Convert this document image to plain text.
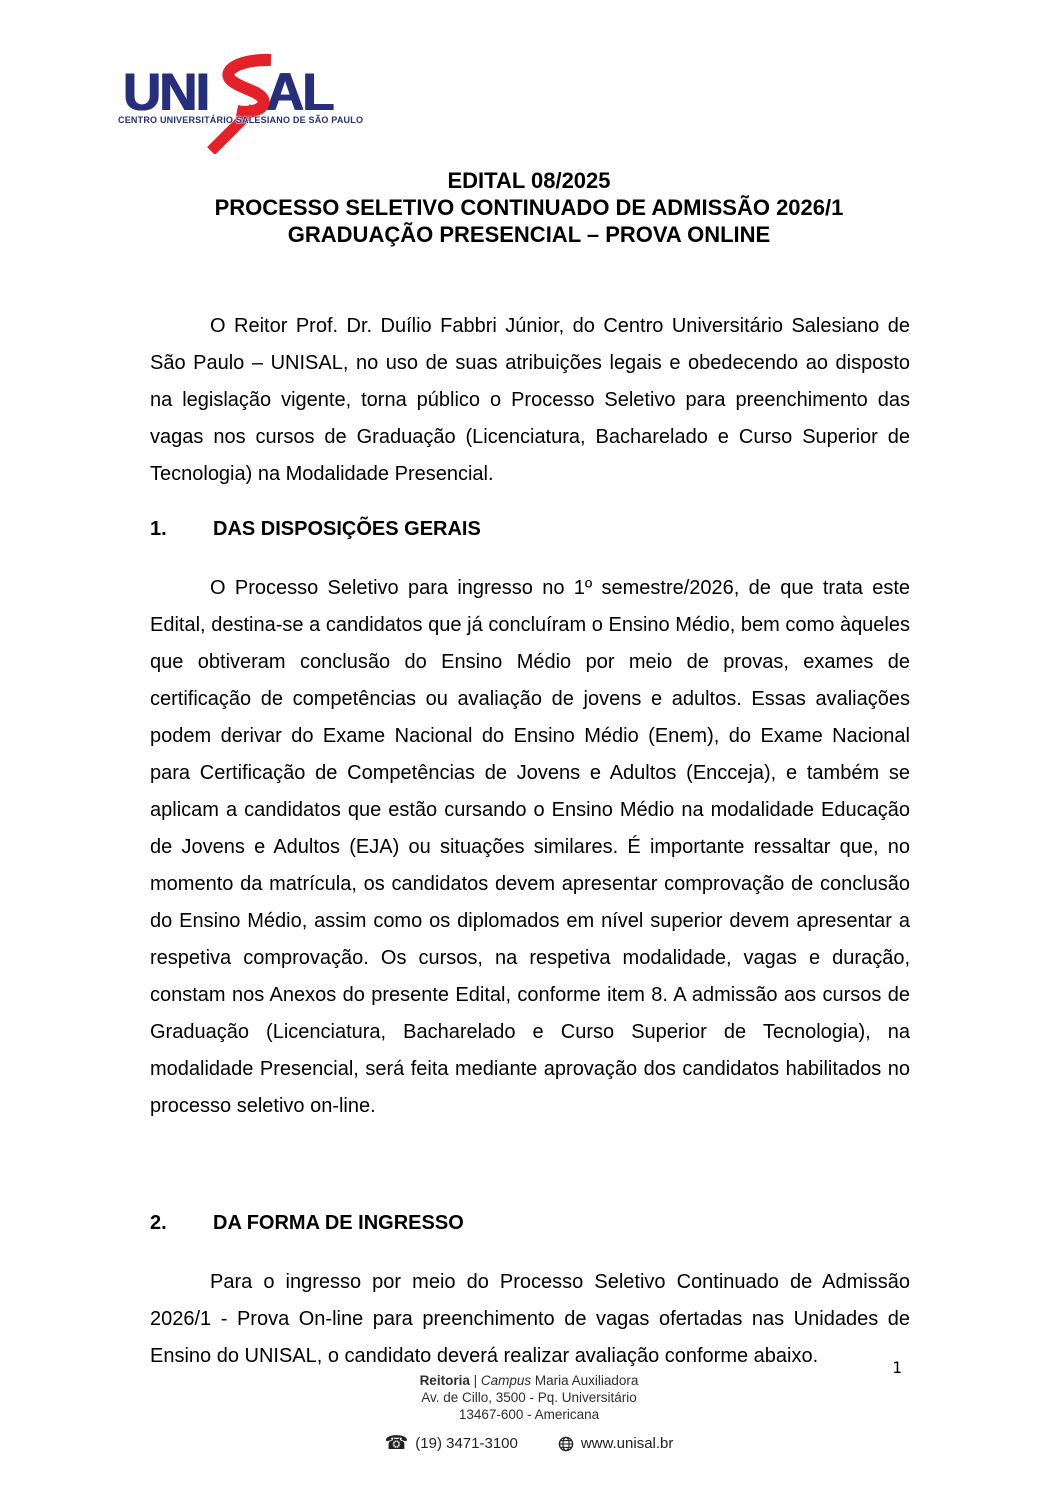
UNI AL
CENTRO UNIVERSITÁRIO SALESIANO DE SÃO PAULO
EDITAL 08/2025
PROCESSO SELETIVO CONTINUADO DE ADMISSÃO 2026/1
GRADUAÇÃO PRESENCIAL – PROVA ONLINE

O Reitor Prof. Dr. Duílio Fabbri Júnior, do Centro Universitário Salesiano de São Paulo – UNISAL, no uso de suas atribuições legais e obedecendo ao disposto na legislação vigente, torna público o Processo Seletivo para preenchimento das vagas nos cursos de Graduação (Licenciatura, Bacharelado e Curso Superior de Tecnologia) na Modalidade Presencial.

1.	DAS DISPOSIÇÕES GERAIS

O Processo Seletivo para ingresso no 1º semestre/2026, de que trata este Edital, destina-se a candidatos que já concluíram o Ensino Médio, bem como àqueles que obtiveram conclusão do Ensino Médio por meio de provas, exames de certificação de competências ou avaliação de jovens e adultos. Essas avaliações podem derivar do Exame Nacional do Ensino Médio (Enem), do Exame Nacional para Certificação de Competências de Jovens e Adultos (Encceja), e também se aplicam a candidatos que estão cursando o Ensino Médio na modalidade Educação de Jovens e Adultos (EJA) ou situações similares. É importante ressaltar que, no momento da matrícula, os candidatos devem apresentar comprovação de conclusão do Ensino Médio, assim como os diplomados em nível superior devem apresentar a respetiva comprovação. Os cursos, na respetiva modalidade, vagas e duração, constam nos Anexos do presente Edital, conforme item 8. A admissão aos cursos de Graduação (Licenciatura, Bacharelado e Curso Superior de Tecnologia), na modalidade Presencial, será feita mediante aprovação dos candidatos habilitados no processo seletivo on-line.

2.	DA FORMA DE INGRESSO

Para o ingresso por meio do Processo Seletivo Continuado de Admissão 2026/1 - Prova On-line para preenchimento de vagas ofertadas nas Unidades de Ensino do UNISAL, o candidato deverá realizar avaliação conforme abaixo.

1
Reitoria | Campus Maria Auxiliadora
Av. de Cillo, 3500 - Pq. Universitário
13467-600 - Americana
☎ (19) 3471-3100	www.unisal.br
